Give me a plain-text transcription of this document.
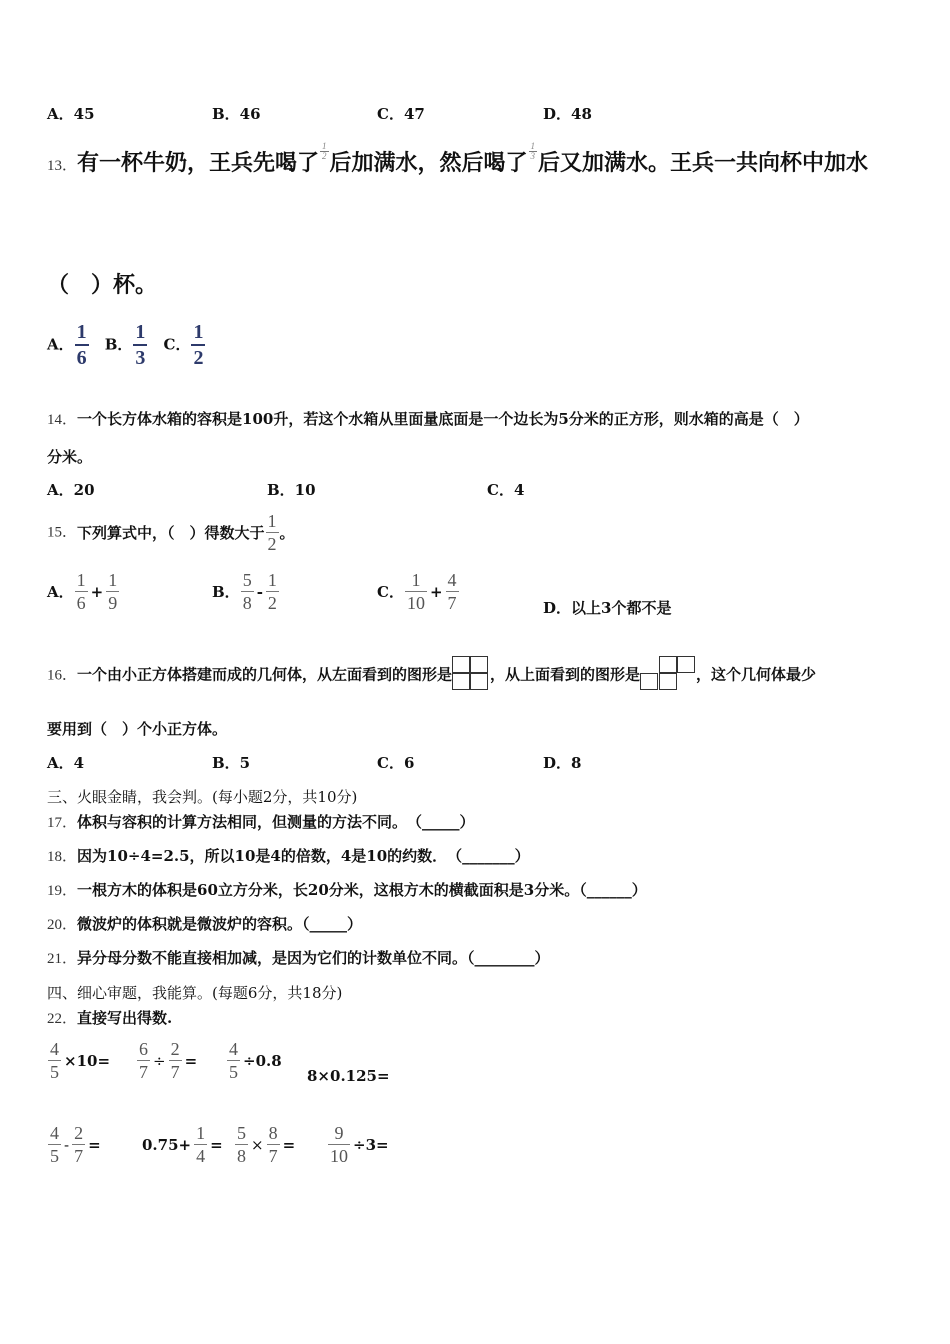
A．45	B．46	C．47	D．48
13．有一杯牛奶，王兵先喝了 $\frac{1}{2}$ 后加满水，然后喝了 $\frac{1}{3}$ 后又加满水。王兵一共向杯中加水
（　）杯。
A． $\frac{1}{6}$ B． $\frac{1}{3}$ C． $\frac{1}{2}$
14．一个长方体水箱的容积是100升，若这个水箱从里面量底面是一个边长为5分米的正方形，则水箱的高是（　）
分米。
A．20	B．10	C．4
15．下列算式中，（　）得数大于 $\frac{1}{2}$ 。
A． $\frac{1}{6} + \frac{1}{9}$	B． $\frac{5}{8} - \frac{1}{2}$	C． $\frac{1}{10} + \frac{4}{7}$	D．以上3个都不是
16．一个由小正方体搭建而成的几何体，从左面看到的图形是	，从上面看到的图形是	，这个几何体最少
要用到（　）个小正方体。
A．4	B．5	C．6	D．8
三、火眼金睛，我会判。(每小题2分，共10分)
17．体积与容积的计算方法相同，但测量的方法不同。　（_____）
18．因为10÷4=2.5，所以10是4的倍数，4是10的约数．　（_______）
19．一根方木的体积是60立方分米，长20分米，这根方木的横截面积是3分米。（______）
20．微波炉的体积就是微波炉的容积。（_____）
21．异分母分数不能直接相加减，是因为它们的计数单位不同。（________）
四、细心审题，我能算。(每题6分，共18分)
22．直接写出得数.
$\frac{4}{5} \times 10= \frac{6}{7} \div \frac{2}{7} = \frac{4}{5} \div 0.8$
8×0.125=
$\frac{4}{5} - \frac{2}{7}$ =	$0.75+ \frac{1}{4} = \frac{5}{8} \times \frac{8}{7} = \frac{9}{10} \div 3=$
